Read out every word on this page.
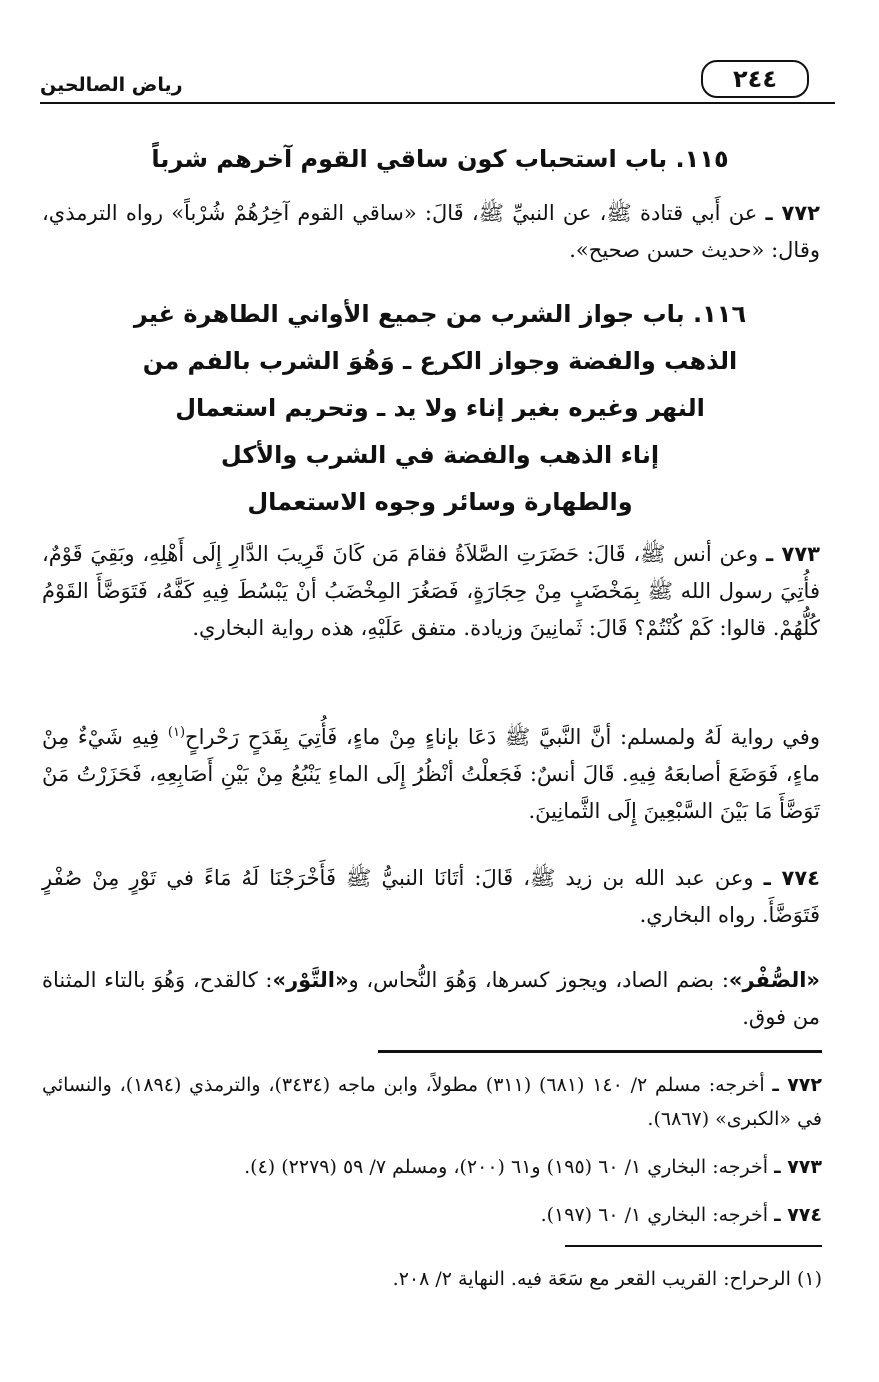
رياض الصالحين	٢٤٤
١١٥. باب استحباب كون ساقي القوم آخرهم شرباً
٧٧٢ ـ عن أَبي قتادة ﷺ، عن النبيِّ ﷺ، قَالَ: «ساقي القوم آخِرُهُمْ شُرْباً» رواه الترمذي، وقال: «حديث حسن صحيح».
١١٦. باب جواز الشرب من جميع الأواني الطاهرة غير
الذهب والفضة وجواز الكرع ـ وَهُوَ الشرب بالفم من
النهر وغيره بغير إناء ولا يد ـ وتحريم استعمال
إناء الذهب والفضة في الشرب والأكل
والطهارة وسائر وجوه الاستعمال
٧٧٣ ـ وعن أنس ﷺ، قَالَ: حَضَرَتِ الصَّلاَةُ فقامَ مَن كَانَ قَرِيبَ الدَّارِ إِلَى أَهْلِهِ، وبَقِيَ قَوْمٌ، فأُتِيَ رسول الله ﷺ بِمَخْضَبٍ مِنْ حِجَارَةٍ، فَصَغُرَ المِخْضَبُ أنْ يَبْسُطَ فِيهِ كَفَّهُ، فَتَوَضَّأَ القَوْمُ كُلُّهُمْ. قالوا: كَمْ كُنْتُمْ؟ قَالَ: ثَمانِينَ وزيادة. متفق عَلَيْهِ، هذه رواية البخاري.
وفي رواية لَهُ ولمسلم: أنَّ النَّبيَّ ﷺ دَعَا بإناءٍ مِنْ ماءٍ، فَأُتِيَ بِقَدَحٍ رَحْراحٍ$^{(١)}$ فِيهِ شَيْءٌ مِنْ ماءٍ، فَوَضَعَ أصابعَهُ فِيهِ. قَالَ أنسٌ: فَجَعلْتُ أنْظُرُ إِلَى الماءِ يَنْبُعُ مِنْ بَيْنِ أَصَابِعِهِ، فَحَزَرْتُ مَنْ تَوَضَّأَ مَا بَيْنَ السَّبْعِينَ إِلَى الثَّمانِينَ.
٧٧٤ ـ وعن عبد الله بن زيد ﷺ، قَالَ: أتَانَا النبيُّ ﷺ فَأَخْرَجْنَا لَهُ مَاءً في تَوْرٍ مِنْ صُفْرٍ فَتَوَضَّأَ. رواه البخاري.
«الصُّفْر»: بضم الصاد، ويجوز كسرها، وَهُوَ النُّحاس، و«التَّوْر»: كالقدح، وَهُوَ بالتاء المثناة من فوق.
٧٧٢ ـ أخرجه: مسلم ٢/ ١٤٠ (٦٨١) (٣١١) مطولاً، وابن ماجه (٣٤٣٤)، والترمذي (١٨٩٤)، والنسائي في «الكبرى» (٦٨٦٧).
٧٧٣ ـ أخرجه: البخاري ١/ ٦٠ (١٩٥) و٦١ (٢٠٠)، ومسلم ٧/ ٥٩ (٢٢٧٩) (٤).
٧٧٤ ـ أخرجه: البخاري ١/ ٦٠ (١٩٧).
(١) الرحراح: القريب القعر مع سَعَة فيه. النهاية ٢/ ٢٠٨.
